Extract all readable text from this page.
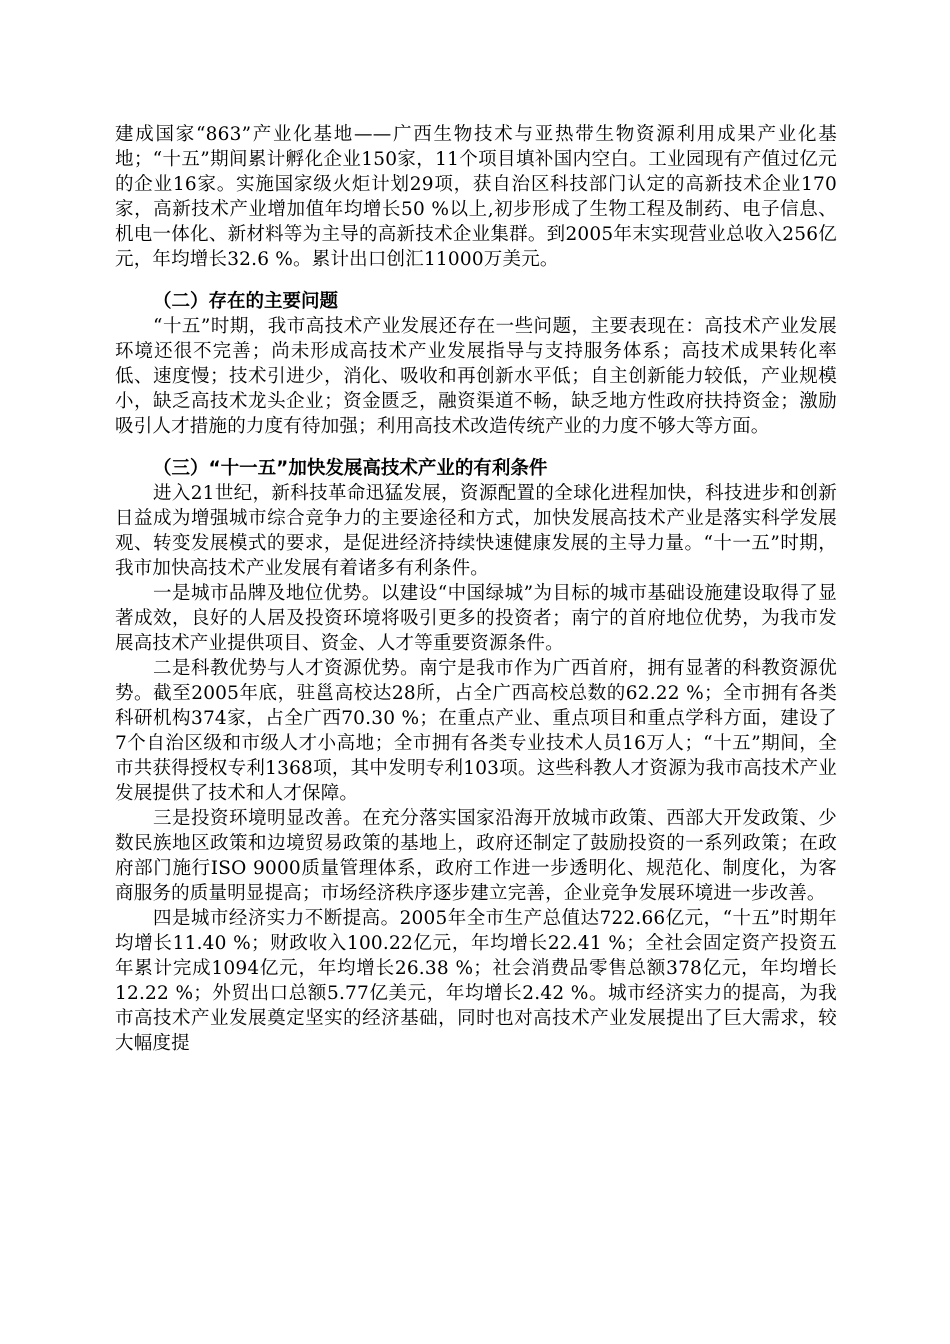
建成国家“863”产业化基地——广西生物技术与亚热带生物资源利用成果产业化基地；“十五”期间累计孵化企业150家，11个项目填补国内空白。工业园现有产值过亿元的企业16家。实施国家级火炬计划29项，获自治区科技部门认定的高新技术企业170家，高新技术产业增加值年均增长50 %以上,初步形成了生物工程及制药、电子信息、机电一体化、新材料等为主导的高新技术企业集群。到2005年末实现营业总收入256亿元，年均增长32.6 %。累计出口创汇11000万美元。

（二）存在的主要问题

“十五”时期，我市高技术产业发展还存在一些问题，主要表现在：高技术产业发展环境还很不完善；尚未形成高技术产业发展指导与支持服务体系；高技术成果转化率低、速度慢；技术引进少，消化、吸收和再创新水平低；自主创新能力较低，产业规模小，缺乏高技术龙头企业；资金匮乏，融资渠道不畅，缺乏地方性政府扶持资金；激励吸引人才措施的力度有待加强；利用高技术改造传统产业的力度不够大等方面。

（三）“十一五”加快发展高技术产业的有利条件

进入21世纪，新科技革命迅猛发展，资源配置的全球化进程加快，科技进步和创新日益成为增强城市综合竞争力的主要途径和方式，加快发展高技术产业是落实科学发展观、转变发展模式的要求，是促进经济持续快速健康发展的主导力量。“十一五”时期，我市加快高技术产业发展有着诸多有利条件。

一是城市品牌及地位优势。以建设“中国绿城”为目标的城市基础设施建设取得了显著成效，良好的人居及投资环境将吸引更多的投资者；南宁的首府地位优势，为我市发展高技术产业提供项目、资金、人才等重要资源条件。

二是科教优势与人才资源优势。南宁是我市作为广西首府，拥有显著的科教资源优势。截至2005年底，驻邕高校达28所，占全广西高校总数的62.22 %；全市拥有各类科研机构374家，占全广西70.30 %；在重点产业、重点项目和重点学科方面，建设了7个自治区级和市级人才小高地；全市拥有各类专业技术人员16万人；“十五”期间，全市共获得授权专利1368项，其中发明专利103项。这些科教人才资源为我市高技术产业发展提供了技术和人才保障。

三是投资环境明显改善。在充分落实国家沿海开放城市政策、西部大开发政策、少数民族地区政策和边境贸易政策的基地上，政府还制定了鼓励投资的一系列政策；在政府部门施行ISO 9000质量管理体系，政府工作进一步透明化、规范化、制度化，为客商服务的质量明显提高；市场经济秩序逐步建立完善，企业竞争发展环境进一步改善。

四是城市经济实力不断提高。2005年全市生产总值达722.66亿元，“十五”时期年均增长11.40 %；财政收入100.22亿元，年均增长22.41 %；全社会固定资产投资五年累计完成1094亿元，年均增长26.38 %；社会消费品零售总额378亿元，年均增长12.22 %；外贸出口总额5.77亿美元，年均增长2.42 %。城市经济实力的提高，为我市高技术产业发展奠定坚实的经济基础，同时也对高技术产业发展提出了巨大需求，较大幅度提
